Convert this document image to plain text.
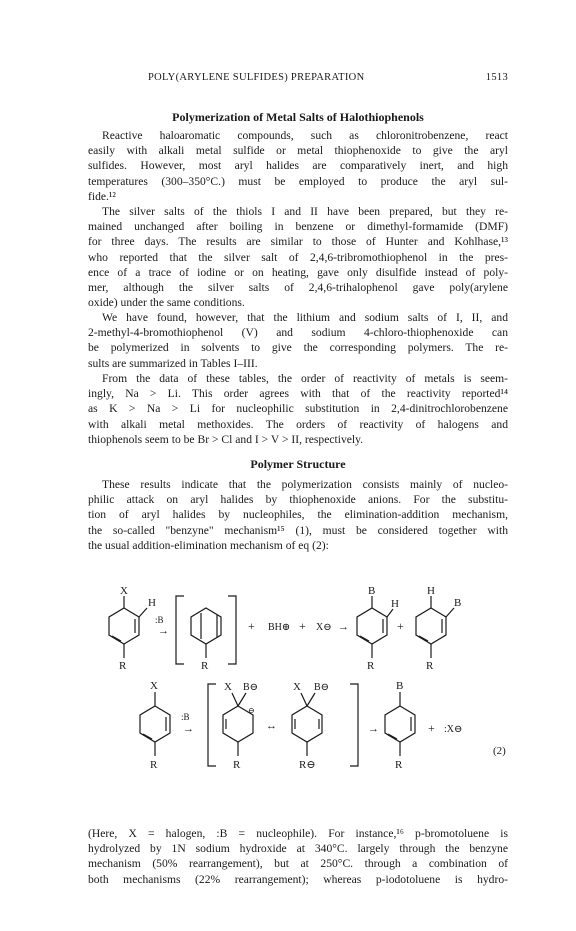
POLY(ARYLENE SULFIDES) PREPARATION	1513
Polymerization of Metal Salts of Halothiophenols
Reactive haloaromatic compounds, such as chloronitrobenzene, react
easily with alkali metal sulfide or metal thiophenoxide to give the aryl
sulfides. However, most aryl halides are comparatively inert, and high
temperatures (300–350°C.) must be employed to produce the aryl sul-
fide.¹²
The silver salts of the thiols I and II have been prepared, but they re-
mained unchanged after boiling in benzene or dimethyl-formamide (DMF)
for three days. The results are similar to those of Hunter and Kohlhase,¹³
who reported that the silver salt of 2,4,6-tribromothiophenol in the pres-
ence of a trace of iodine or on heating, gave only disulfide instead of poly-
mer, although the silver salts of 2,4,6-trihalophenol gave poly(arylene
oxide) under the same conditions.
We have found, however, that the lithium and sodium salts of I, II, and
2-methyl-4-bromothiophenol (V) and sodium 4-chloro-thiophenoxide can
be polymerized in solvents to give the corresponding polymers. The re-
sults are summarized in Tables I–III.
From the data of these tables, the order of reactivity of metals is seem-
ingly, Na > Li. This order agrees with that of the reactivity reported¹⁴
as K > Na > Li for nucleophilic substitution in 2,4-dinitrochlorobenzene
with alkali metal methoxides. The orders of reactivity of halogens and
thiophenols seem to be Br > Cl and I > V > II, respectively.
Polymer Structure
These results indicate that the polymerization consists mainly of nucleo-
philic attack on aryl halides by thiophenoxide anions. For the substitu-
tion of aryl halides by nucleophiles, the elimination-addition mechanism,
the so-called "benzyne" mechanism¹⁵ (1), must be considered together with
the usual addition-elimination mechanism of eq (2):
X
H
R
:B
→
R
+ BH⊕ + X⊖ →
B
H
R
+
H
B
R
X
R
:B
→
X B⊖
⊖
R
↔
X B⊖
R⊖
→
B
R
+ :X⊖
(2)
(Here, X = halogen, :B = nucleophile). For instance,¹⁶ p-bromotoluene is
hydrolyzed by 1N sodium hydroxide at 340°C. largely through the benzyne
mechanism (50% rearrangement), but at 250°C. through a combination of
both mechanisms (22% rearrangement); whereas p-iodotoluene is hydro-
